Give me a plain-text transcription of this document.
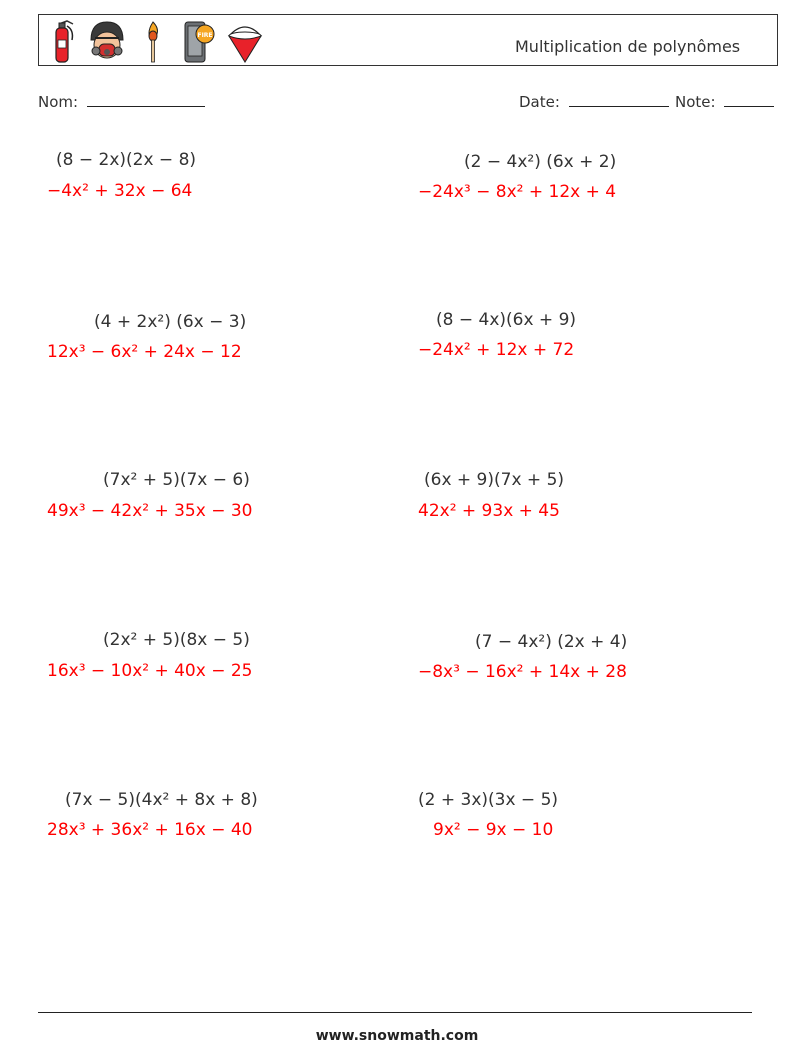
FIRE
Multiplication de polynômes
Nom:	Date:	Note:
(8 − 2x)(2x − 8)
−4x² + 32x − 64
(2 − 4x²) (6x + 2)
−24x³ − 8x² + 12x + 4
(4 + 2x²) (6x − 3)
12x³ − 6x² + 24x − 12
(8 − 4x)(6x + 9)
−24x² + 12x + 72
(7x² + 5)(7x − 6)
49x³ − 42x² + 35x − 30
(6x + 9)(7x + 5)
42x² + 93x + 45
(2x² + 5)(8x − 5)
16x³ − 10x² + 40x − 25
(7 − 4x²) (2x + 4)
−8x³ − 16x² + 14x + 28
(7x − 5)(4x² + 8x + 8)
28x³ + 36x² + 16x − 40
(2 + 3x)(3x − 5)
9x² − 9x − 10
www.snowmath.com
